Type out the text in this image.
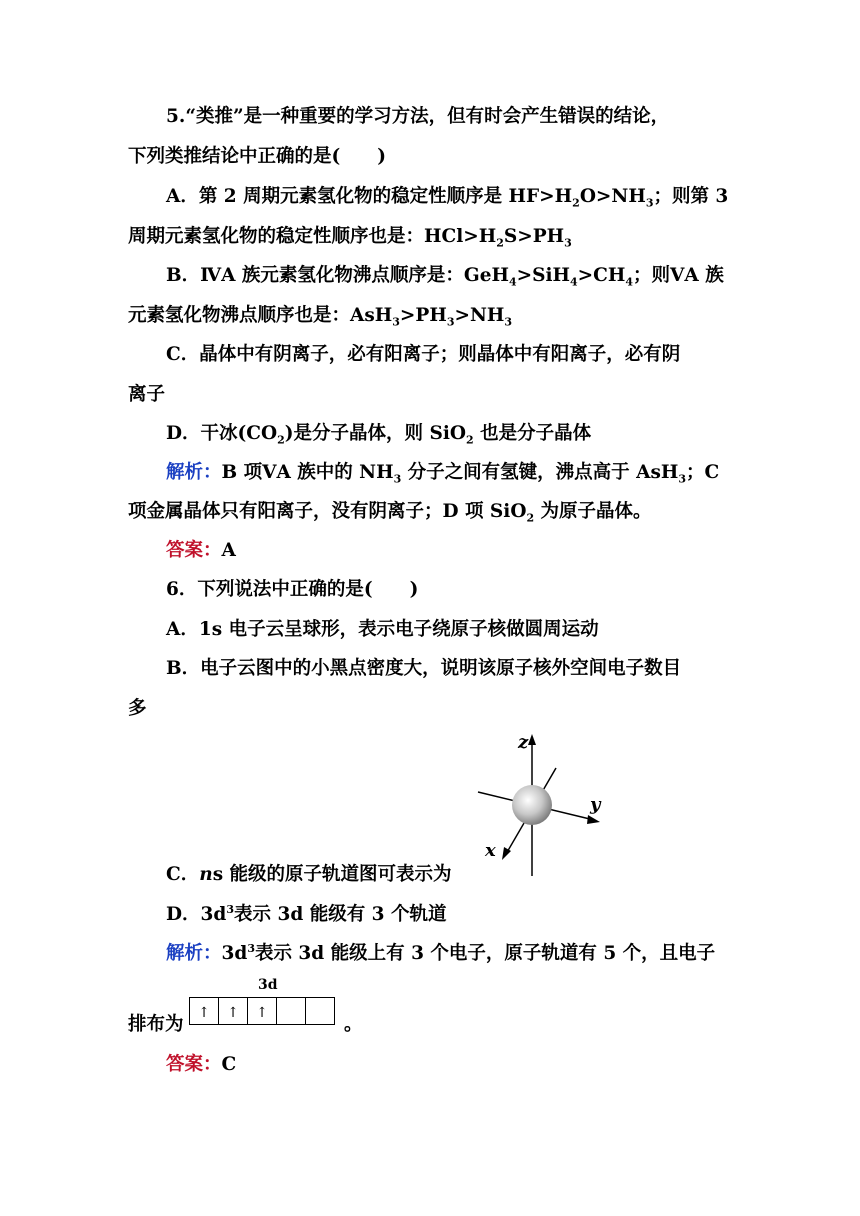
5.“类推”是一种重要的学习方法，但有时会产生错误的结论，
下列类推结论中正确的是(　　)
A．第 2 周期元素氢化物的稳定性顺序是 $HF>H_2O>NH_3$；则第 3
周期元素氢化物的稳定性顺序也是：$HCl>H_2S>PH_3$
B．ⅣA 族元素氢化物沸点顺序是：$GeH_4>SiH_4>CH_4$；则ⅤA 族
元素氢化物沸点顺序也是：$AsH_3>PH_3>NH_3$
C．晶体中有阴离子，必有阳离子；则晶体中有阳离子，必有阴
离子
D．干冰$(CO_2)$是分子晶体，则 SiO$_2$ 也是分子晶体
解析：B 项ⅤA 族中的 $NH_3$ 分子之间有氢键，沸点高于 AsH$_3$；C
项金属晶体只有阳离子，没有阴离子；D 项 SiO$_2$ 为原子晶体。
答案：A
6．下列说法中正确的是(　　)
A．1s 电子云呈球形，表示电子绕原子核做圆周运动
B．电子云图中的小黑点密度大，说明该原子核外空间电子数目
多
z
y
x
C．ns 能级的原子轨道图可表示为
D．$3d^3$表示 3d 能级有 3 个轨道
解析：$3d^3$表示 3d 能级上有 3 个电子，原子轨道有 5 个，且电子
排布为
3d
↑	↑	↑		
。
答案：C
